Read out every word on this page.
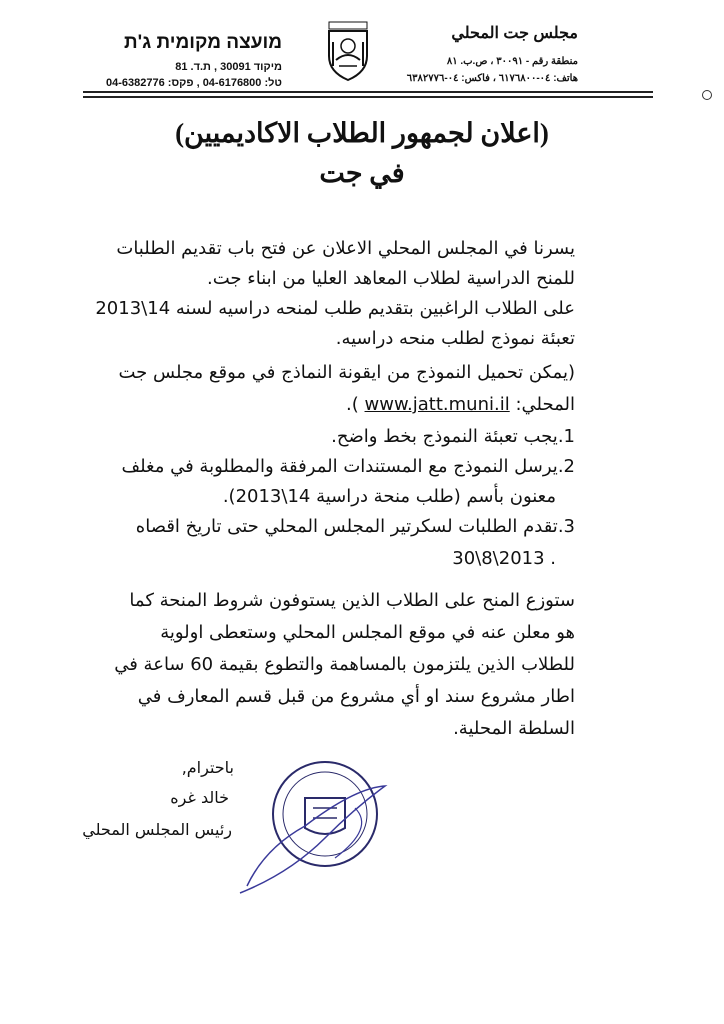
מועצה מקומית ג'ת
מיקוד 30091 , ת.ד. 81
טל: 04-6176800 , פקס: 04-6382776
مجلس جت المحلي
منطقة رقم - ٣٠٠٩١ ، ص.ب. ٨١
هاتف: ٠٤-٦١٧٦٨٠٠ ، فاكس: ٠٤-٦٣٨٢٧٧٦
(اعلان لجمهور الطلاب الاكاديميين)
في جت
يسرنا في المجلس المحلي الاعلان عن فتح باب تقديم الطلبات
للمنح الدراسية لطلاب المعاهد العليا من ابناء جت.
على الطلاب الراغبين بتقديم طلب لمنحه دراسيه لسنه 14\2013
تعبئة نموذج لطلب منحه دراسيه.
(يمكن تحميل النموذج من ايقونة النماذج في موقع مجلس جت
المحلي: www.jatt.muni.il ).
1.يجب تعبئة النموذج بخط واضح.
2.يرسل النموذج مع المستندات المرفقة والمطلوبة في مغلف
معنون بأسم (طلب منحة دراسية 14\2013).
3.تقدم الطلبات لسكرتير المجلس المحلي حتى تاريخ اقصاه
30\8\2013 .
ستوزع المنح على الطلاب الذين يستوفون شروط المنحة كما
هو معلن عنه في موقع المجلس المحلي وستعطى اولوية
للطلاب الذين يلتزمون بالمساهمة والتطوع بقيمة 60 ساعة في
اطار مشروع سند او أي مشروع من قبل قسم المعارف في
السلطة المحلية.
باحترام,
خالد غره
رئيس المجلس المحلي
